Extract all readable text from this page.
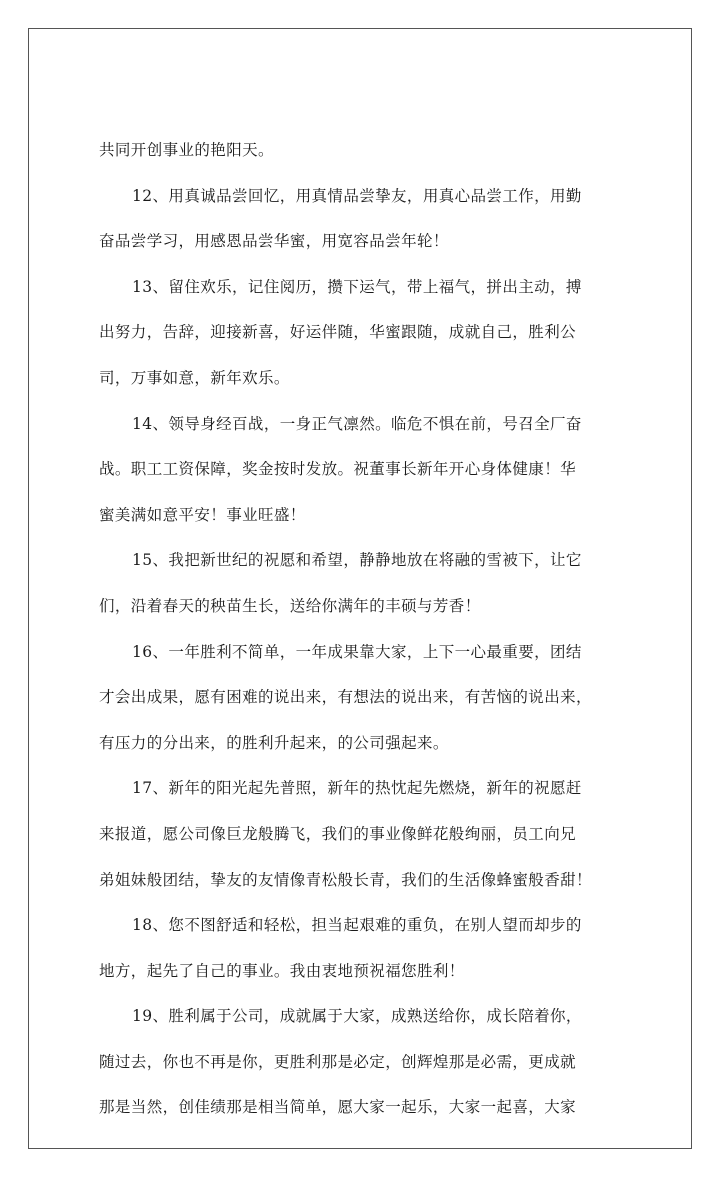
共同开创事业的艳阳天。
12、用真诚品尝回忆，用真情品尝挚友，用真心品尝工作，用勤
奋品尝学习，用感恩品尝华蜜，用宽容品尝年轮！
13、留住欢乐，记住阅历，攒下运气，带上福气，拼出主动，搏
出努力，告辞，迎接新喜，好运伴随，华蜜跟随，成就自己，胜利公
司，万事如意，新年欢乐。
14、领导身经百战，一身正气凛然。临危不惧在前，号召全厂奋
战。职工工资保障，奖金按时发放。祝董事长新年开心身体健康！华
蜜美满如意平安！事业旺盛！
15、我把新世纪的祝愿和希望，静静地放在将融的雪被下，让它
们，沿着春天的秧苗生长，送给你满年的丰硕与芳香！
16、一年胜利不简单，一年成果靠大家，上下一心最重要，团结
才会出成果，愿有困难的说出来，有想法的说出来，有苦恼的说出来，
有压力的分出来，的胜利升起来，的公司强起来。
17、新年的阳光起先普照，新年的热忱起先燃烧，新年的祝愿赶
来报道，愿公司像巨龙般腾飞，我们的事业像鲜花般绚丽，员工向兄
弟姐妹般团结，挚友的友情像青松般长青，我们的生活像蜂蜜般香甜！
18、您不图舒适和轻松，担当起艰难的重负，在别人望而却步的
地方，起先了自己的事业。我由衷地预祝福您胜利！
19、胜利属于公司，成就属于大家，成熟送给你，成长陪着你，
随过去，你也不再是你，更胜利那是必定，创辉煌那是必需，更成就
那是当然，创佳绩那是相当简单，愿大家一起乐，大家一起喜，大家
